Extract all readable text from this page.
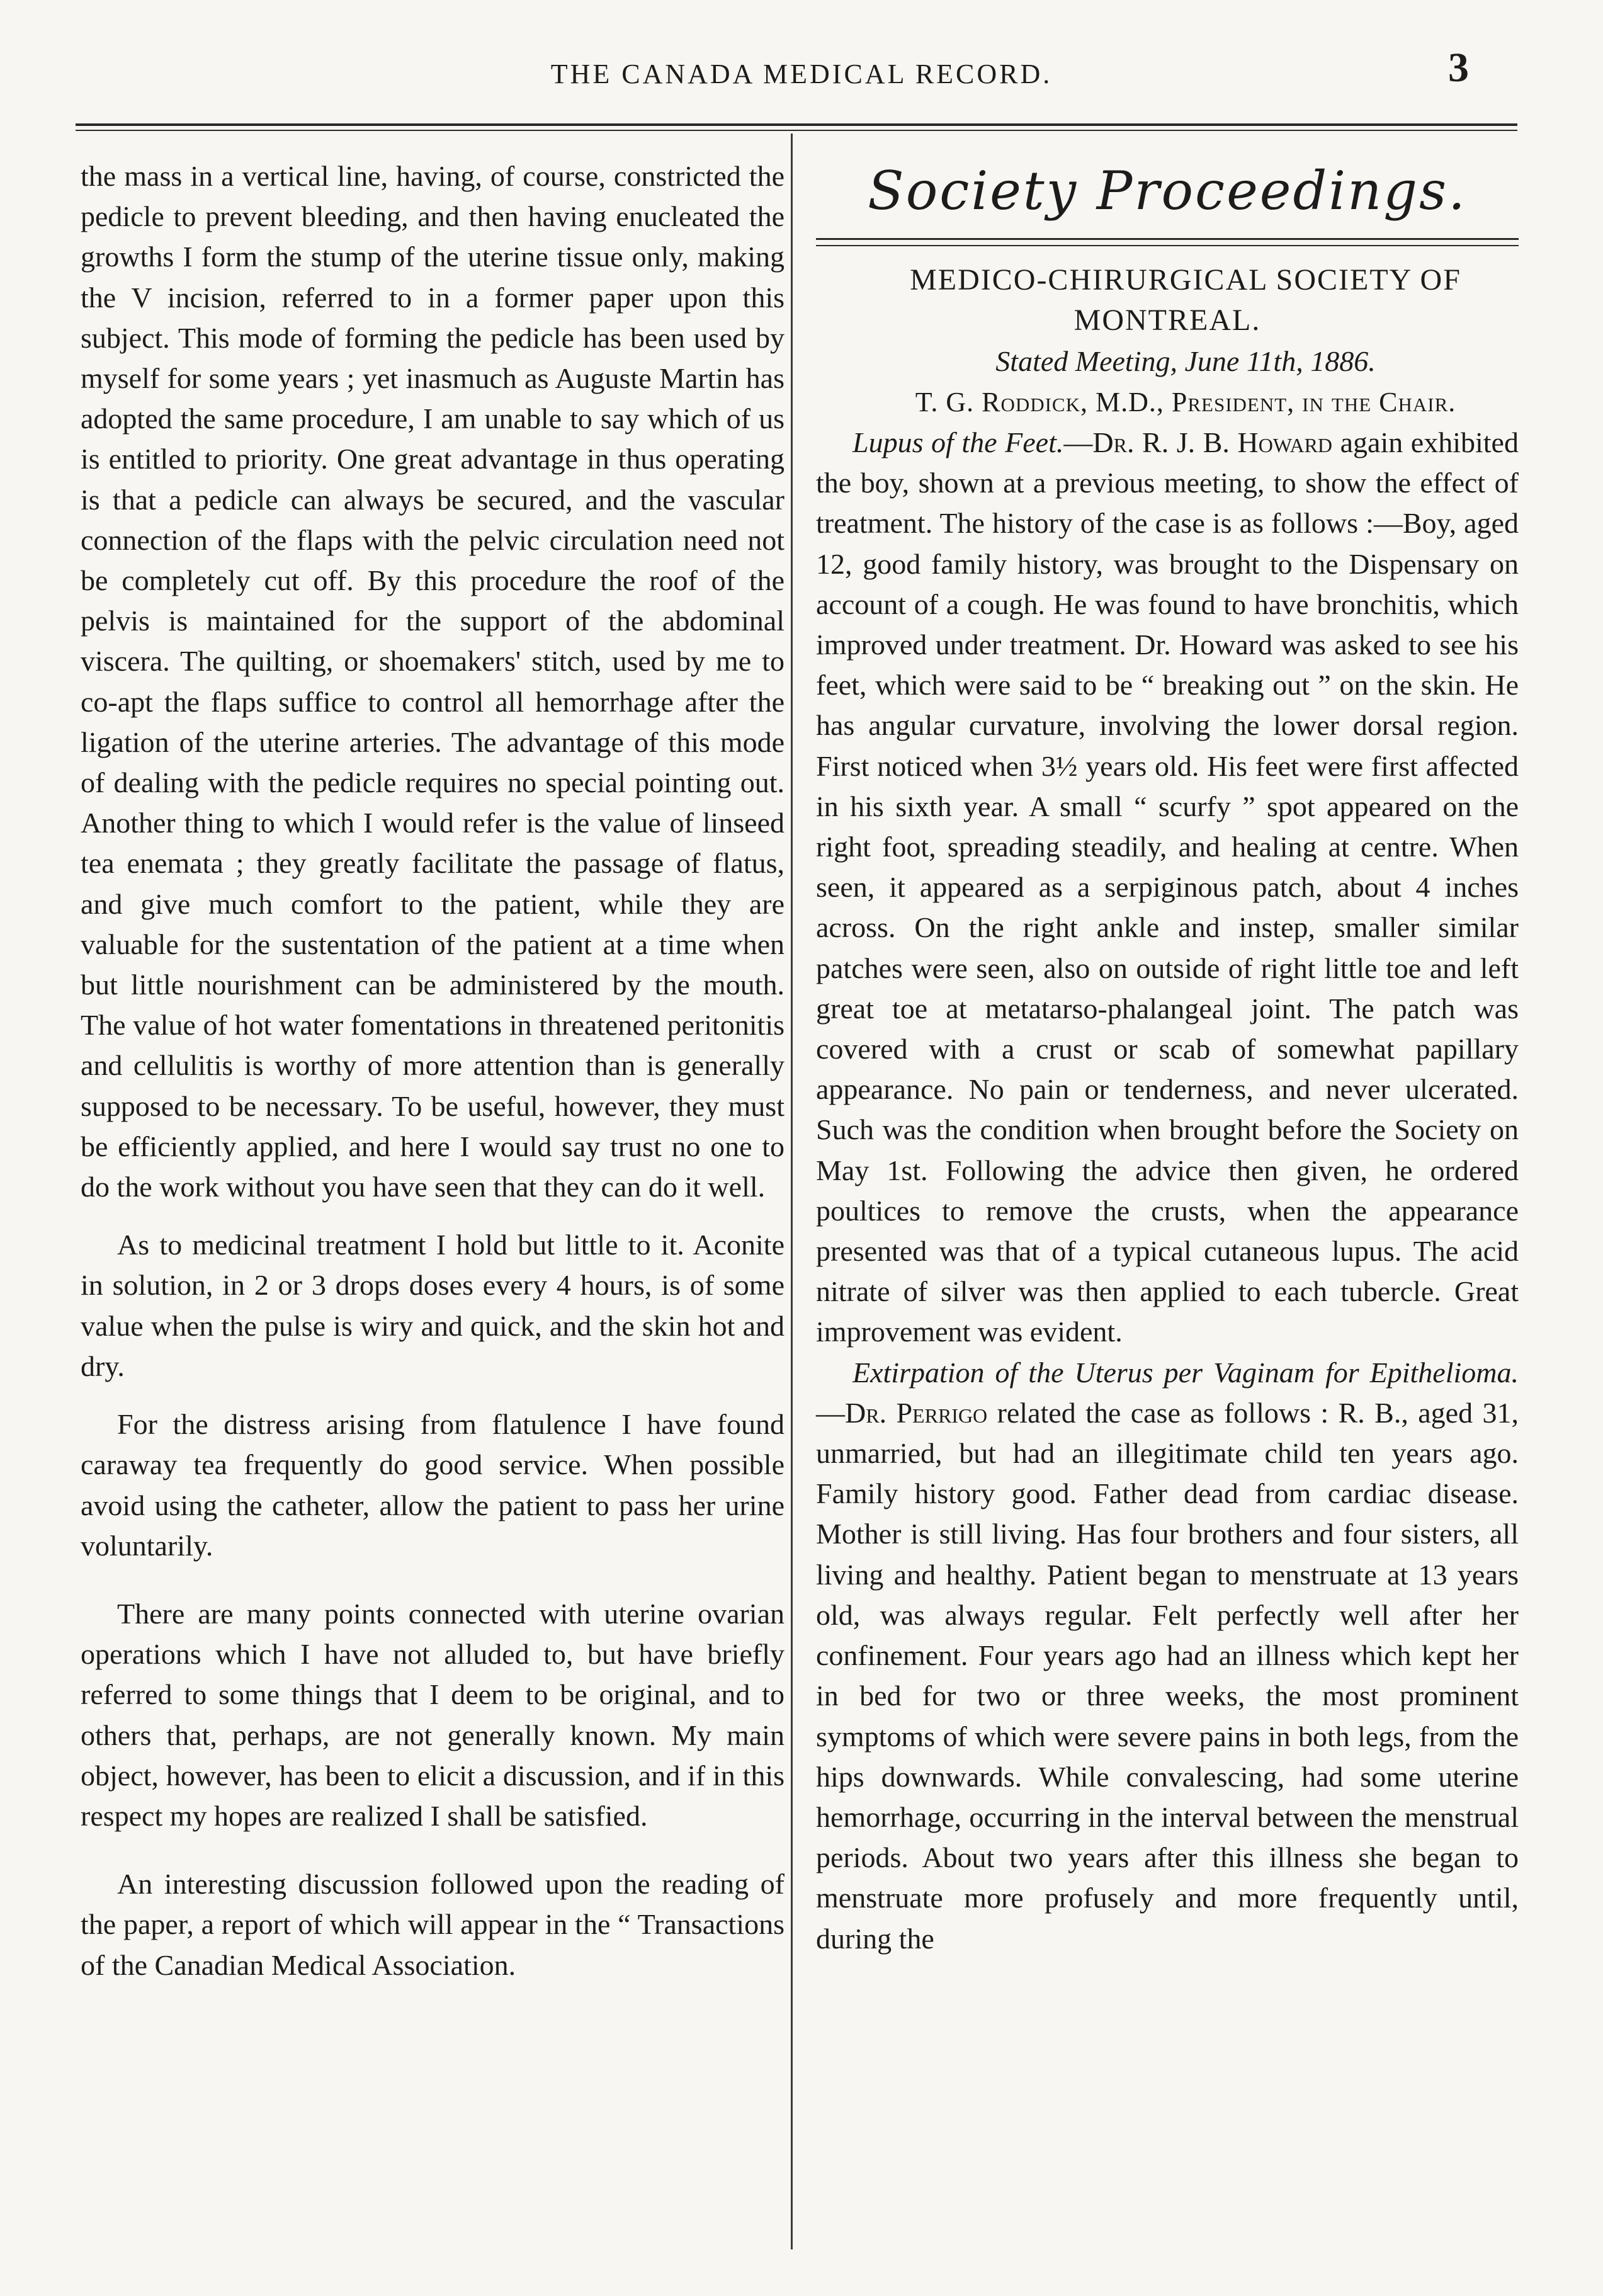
THE CANADA MEDICAL RECORD.	3

the mass in a vertical line, having, of course, constricted the pedicle to prevent bleeding, and then having enucleated the growths I form the stump of the uterine tissue only, making the V incision, referred to in a former paper upon this subject. This mode of forming the pedicle has been used by myself for some years ; yet inasmuch as Auguste Martin has adopted the same procedure, I am unable to say which of us is entitled to priority. One great advantage in thus operating is that a pedicle can always be secured, and the vascular connection of the flaps with the pelvic circulation need not be completely cut off. By this procedure the roof of the pelvis is maintained for the support of the abdominal viscera. The quilting, or shoemakers' stitch, used by me to co-apt the flaps suffice to control all hemorrhage after the ligation of the uterine arteries. The advantage of this mode of dealing with the pedicle requires no special pointing out. Another thing to which I would refer is the value of linseed tea enemata ; they greatly facilitate the passage of flatus, and give much comfort to the patient, while they are valuable for the sustentation of the patient at a time when but little nourishment can be administered by the mouth. The value of hot water fomentations in threatened peritonitis and cellulitis is worthy of more attention than is generally supposed to be necessary. To be useful, however, they must be efficiently applied, and here I would say trust no one to do the work without you have seen that they can do it well.

As to medicinal treatment I hold but little to it. Aconite in solution, in 2 or 3 drops doses every 4 hours, is of some value when the pulse is wiry and quick, and the skin hot and dry.

For the distress arising from flatulence I have found caraway tea frequently do good service. When possible avoid using the catheter, allow the patient to pass her urine voluntarily.

There are many points connected with uterine ovarian operations which I have not alluded to, but have briefly referred to some things that I deem to be original, and to others that, perhaps, are not generally known. My main object, however, has been to elicit a discussion, and if in this respect my hopes are realized I shall be satisfied.

An interesting discussion followed upon the reading of the paper, a report of which will appear in the “ Transactions of the Canadian Medical Association.

Society Proceedings.

MEDICO-CHIRURGICAL SOCIETY OF MONTREAL.

Stated Meeting, June 11th, 1886.

T. G. Roddick, M.D., President, in the Chair.

Lupus of the Feet.—Dr. R. J. B. Howard again exhibited the boy, shown at a previous meeting, to show the effect of treatment. The history of the case is as follows :—Boy, aged 12, good family history, was brought to the Dispensary on account of a cough. He was found to have bronchitis, which improved under treatment. Dr. Howard was asked to see his feet, which were said to be “ breaking out ” on the skin. He has angular curvature, involving the lower dorsal region. First noticed when 3½ years old. His feet were first affected in his sixth year. A small “ scurfy ” spot appeared on the right foot, spreading steadily, and healing at centre. When seen, it appeared as a serpiginous patch, about 4 inches across. On the right ankle and instep, smaller similar patches were seen, also on outside of right little toe and left great toe at metatarso-phalangeal joint. The patch was covered with a crust or scab of somewhat papillary appearance. No pain or tenderness, and never ulcerated. Such was the condition when brought before the Society on May 1st. Following the advice then given, he ordered poultices to remove the crusts, when the appearance presented was that of a typical cutaneous lupus. The acid nitrate of silver was then applied to each tubercle. Great improvement was evident.

Extirpation of the Uterus per Vaginam for Epithelioma.—Dr. Perrigo related the case as follows : R. B., aged 31, unmarried, but had an illegitimate child ten years ago. Family history good. Father dead from cardiac disease. Mother is still living. Has four brothers and four sisters, all living and healthy. Patient began to menstruate at 13 years old, was always regular. Felt perfectly well after her confinement. Four years ago had an illness which kept her in bed for two or three weeks, the most prominent symptoms of which were severe pains in both legs, from the hips downwards. While convalescing, had some uterine hemorrhage, occurring in the interval between the menstrual periods. About two years after this illness she began to menstruate more profusely and more frequently until, during the
